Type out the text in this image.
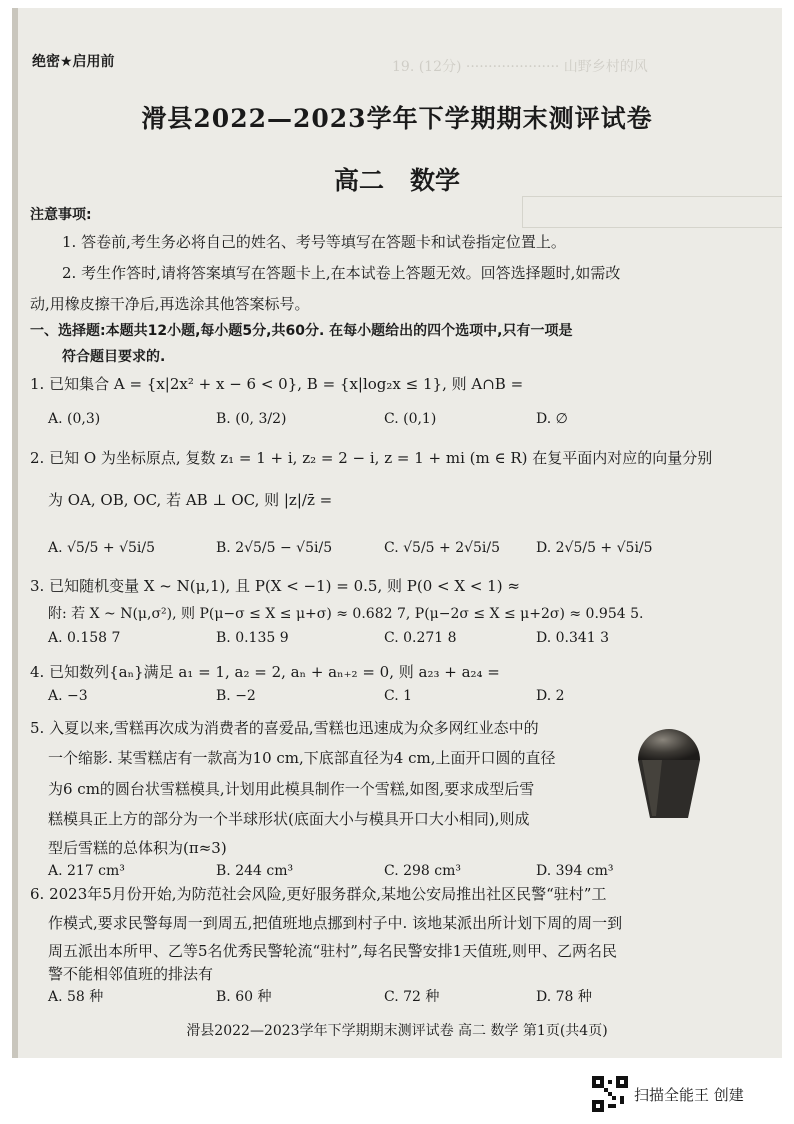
19. (12分) ····················· 山野乡村的风
绝密★启用前
滑县2022—2023学年下学期期末测评试卷
高二   数学
注意事项:
1. 答卷前,考生务必将自己的姓名、考号等填写在答题卡和试卷指定位置上。
2. 考生作答时,请将答案填写在答题卡上,在本试卷上答题无效。回答选择题时,如需改
动,用橡皮擦干净后,再选涂其他答案标号。
一、选择题:本题共12小题,每小题5分,共60分. 在每小题给出的四个选项中,只有一项是
符合题目要求的.
1. 已知集合 A = {x|2x² + x − 6 < 0}, B = {x|log₂x ≤ 1}, 则 A∩B =
A. (0,3)	B. (0, 3/2)	C. (0,1)	D. ∅
2. 已知 O 为坐标原点, 复数 z₁ = 1 + i, z₂ = 2 − i, z = 1 + mi (m ∈ R) 在复平面内对应的向量分别
为 OA, OB, OC, 若 AB ⊥ OC, 则 |z|/z̄ =
A. √5/5 + √5i/5	B. 2√5/5 − √5i/5	C. √5/5 + 2√5i/5	D. 2√5/5 + √5i/5
3. 已知随机变量 X ~ N(μ,1), 且 P(X < −1) = 0.5, 则 P(0 < X < 1) ≈
附: 若 X ~ N(μ,σ²), 则 P(μ−σ ≤ X ≤ μ+σ) ≈ 0.682 7, P(μ−2σ ≤ X ≤ μ+2σ) ≈ 0.954 5.
A. 0.158 7	B. 0.135 9	C. 0.271 8	D. 0.341 3
4. 已知数列{aₙ}满足 a₁ = 1, a₂ = 2, aₙ + aₙ₊₂ = 0, 则 a₂₃ + a₂₄ =
A. −3	B. −2	C. 1	D. 2
5. 入夏以来,雪糕再次成为消费者的喜爱品,雪糕也迅速成为众多网红业态中的
一个缩影. 某雪糕店有一款高为10 cm,下底部直径为4 cm,上面开口圆的直径
为6 cm的圆台状雪糕模具,计划用此模具制作一个雪糕,如图,要求成型后雪
糕模具正上方的部分为一个半球形状(底面大小与模具开口大小相同),则成
型后雪糕的总体积为(π≈3)
A. 217 cm³	B. 244 cm³	C. 298 cm³	D. 394 cm³
6. 2023年5月份开始,为防范社会风险,更好服务群众,某地公安局推出社区民警“驻村”工
作模式,要求民警每周一到周五,把值班地点挪到村子中. 该地某派出所计划下周的周一到
周五派出本所甲、乙等5名优秀民警轮流“驻村”,每名民警安排1天值班,则甲、乙两名民
警不能相邻值班的排法有
A. 58 种	B. 60 种	C. 72 种	D. 78 种
滑县2022—2023学年下学期期末测评试卷 高二 数学 第1页(共4页)
扫描全能王 创建
